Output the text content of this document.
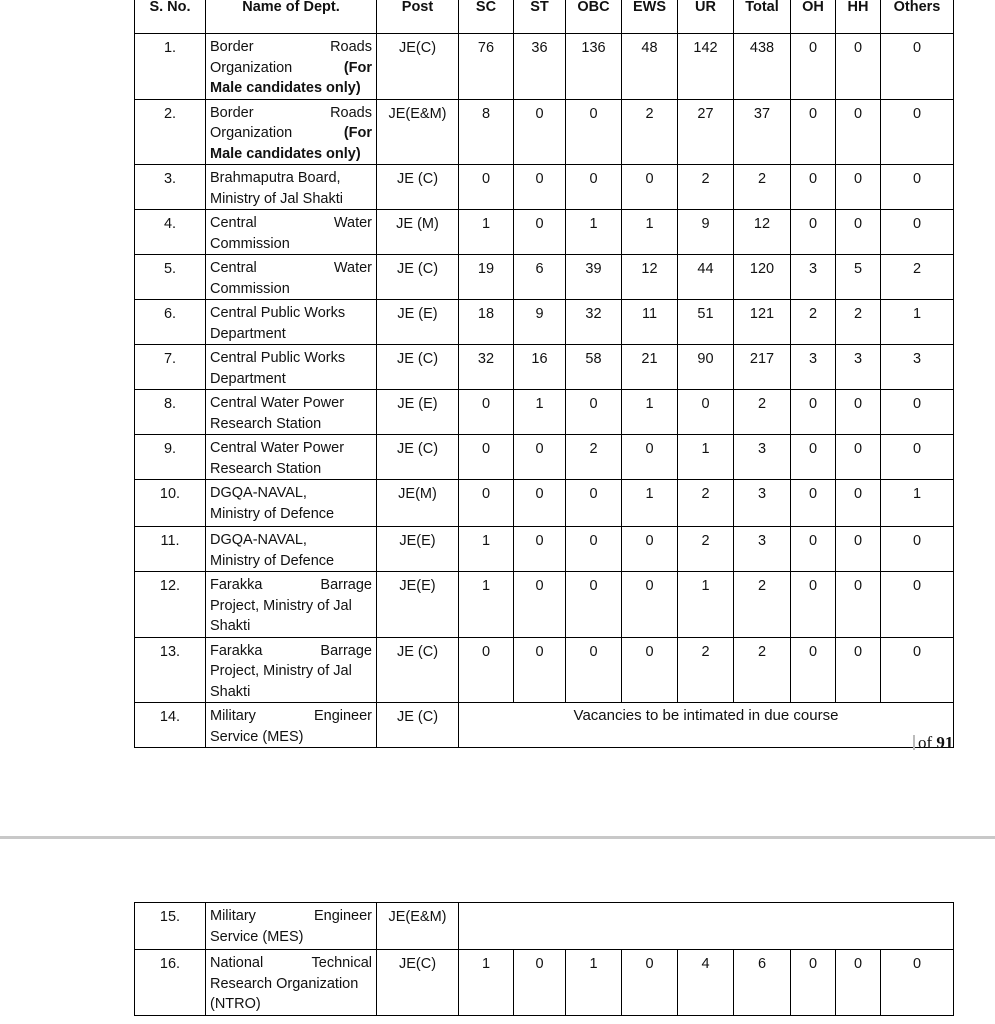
S. No.	Name of Dept.	Post	SC	ST	OBC	EWS	UR	Total	OH	HH	Others
1.	Border Roads
Organization (For
Male candidates only)	JE(C)	76	36	136	48	142	438	0	0	0
2.	Border Roads
Organization (For
Male candidates only)	JE(E&M)	8	0	0	2	27	37	0	0	0
3.	Brahmaputra Board,
Ministry of Jal Shakti	JE (C)	0	0	0	0	2	2	0	0	0
4.	Central Water
Commission	JE (M)	1	0	1	1	9	12	0	0	0
5.	Central Water
Commission	JE (C)	19	6	39	12	44	120	3	5	2
6.	Central Public Works
Department	JE (E)	18	9	32	11	51	121	2	2	1
7.	Central Public Works
Department	JE (C)	32	16	58	21	90	217	3	3	3
8.	Central Water Power
Research Station	JE (E)	0	1	0	1	0	2	0	0	0
9.	Central Water Power
Research Station	JE (C)	0	0	2	0	1	3	0	0	0
10.	DGQA-NAVAL,
Ministry of Defence	JE(M)	0	0	0	1	2	3	0	0	1
11.	DGQA-NAVAL,
Ministry of Defence	JE(E)	1	0	0	0	2	3	0	0	0
12.	Farakka Barrage
Project, Ministry of Jal
Shakti	JE(E)	1	0	0	0	1	2	0	0	0
13.	Farakka Barrage
Project, Ministry of Jal
Shakti	JE (C)	0	0	0	0	2	2	0	0	0
14.	Military Engineer
Service (MES)	JE (C)	Vacancies to be intimated in due course								
of 91
15.	Military Engineer
Service (MES)	JE(E&M)									
16.	National Technical
Research Organization
(NTRO)	JE(C)	1	0	1	0	4	6	0	0	0
